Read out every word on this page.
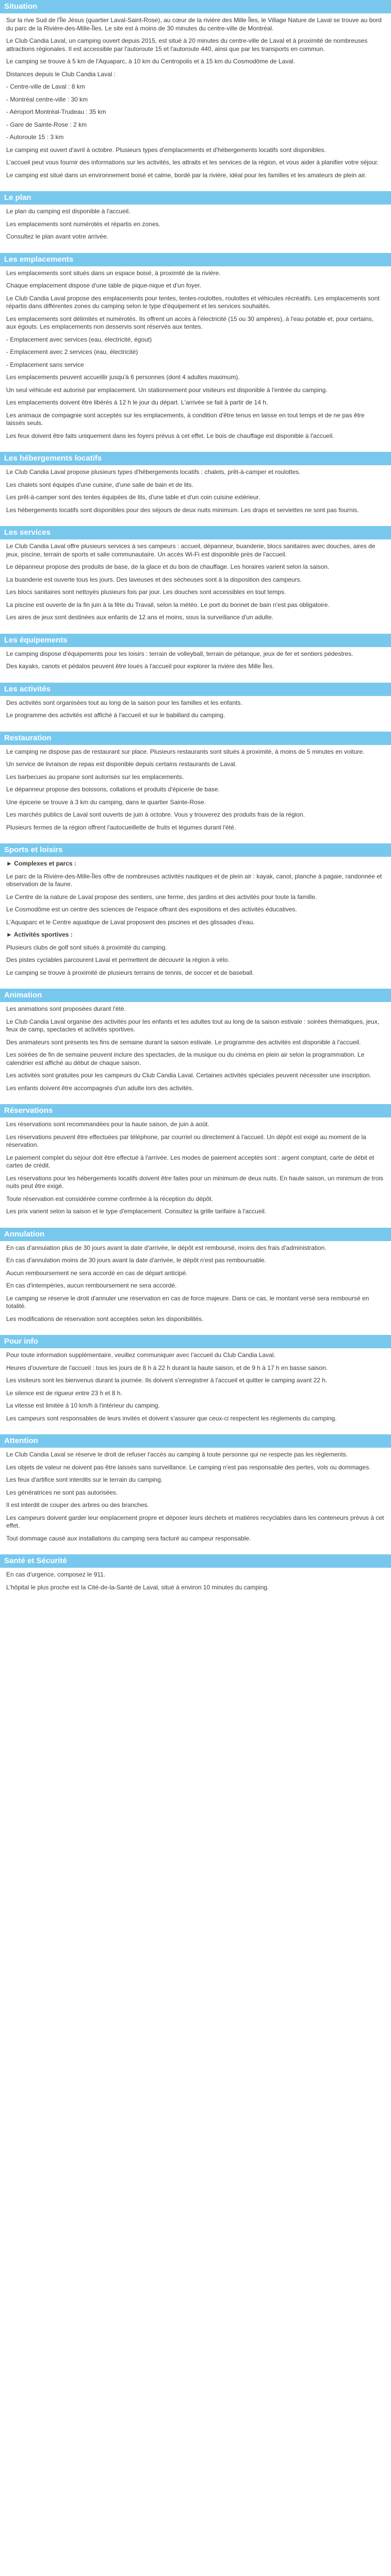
Situation

Sur la rive Sud de l'Île Jésus (quartier Laval-Saint-Rose), au cœur de la rivière des Mille Îles, le Village Nature de Laval se trouve au bord du parc de la Rivière-des-Mille-Îles. Le site est à moins de 30 minutes du centre-ville de Montréal.

Le Club Candia Laval, un camping ouvert depuis 2015, est situé à 20 minutes du centre-ville de Laval et à proximité de nombreuses attractions régionales. Il est accessible par l'autoroute 15 et l'autoroute 440, ainsi que par les transports en commun.

Le camping se trouve à 5 km de l'Aquaparc, à 10 km du Centropolis et à 15 km du Cosmodôme de Laval.

Distances depuis le Club Candia Laval :

- Centre-ville de Laval : 8 km

- Montréal centre-ville : 30 km

- Aéroport Montréal-Trudeau : 35 km

- Gare de Sainte-Rose : 2 km

- Autoroute 15 : 3 km

Le camping est ouvert d'avril à octobre. Plusieurs types d'emplacements et d'hébergements locatifs sont disponibles.

L'accueil peut vous fournir des informations sur les activités, les attraits et les services de la région, et vous aider à planifier votre séjour.

Le camping est situé dans un environnement boisé et calme, bordé par la rivière, idéal pour les familles et les amateurs de plein air.

Le plan

Le plan du camping est disponible à l'accueil.

Les emplacements sont numérotés et répartis en zones.

Consultez le plan avant votre arrivée.

Les emplacements

Les emplacements sont situés dans un espace boisé, à proximité de la rivière.

Chaque emplacement dispose d'une table de pique-nique et d'un foyer.

Le Club Candia Laval propose des emplacements pour tentes, tentes-roulottes, roulottes et véhicules récréatifs. Les emplacements sont répartis dans différentes zones du camping selon le type d'équipement et les services souhaités.

Les emplacements sont délimités et numérotés. Ils offrent un accès à l'électricité (15 ou 30 ampères), à l'eau potable et, pour certains, aux égouts. Les emplacements non desservis sont réservés aux tentes.

- Emplacement avec services (eau, électricité, égout)

- Emplacement avec 2 services (eau, électricité)

- Emplacement sans service

Les emplacements peuvent accueillir jusqu'à 6 personnes (dont 4 adultes maximum).

Un seul véhicule est autorisé par emplacement. Un stationnement pour visiteurs est disponible à l'entrée du camping.

Les emplacements doivent être libérés à 12 h le jour du départ. L'arrivée se fait à partir de 14 h.

Les animaux de compagnie sont acceptés sur les emplacements, à condition d'être tenus en laisse en tout temps et de ne pas être laissés seuls.

Les feux doivent être faits uniquement dans les foyers prévus à cet effet. Le bois de chauffage est disponible à l'accueil.

Les hébergements locatifs

Le Club Candia Laval propose plusieurs types d'hébergements locatifs : chalets, prêt-à-camper et roulottes.

Les chalets sont équipés d'une cuisine, d'une salle de bain et de lits.

Les prêt-à-camper sont des tentes équipées de lits, d'une table et d'un coin cuisine extérieur.

Les hébergements locatifs sont disponibles pour des séjours de deux nuits minimum. Les draps et serviettes ne sont pas fournis.

Les services

Le Club Candia Laval offre plusieurs services à ses campeurs : accueil, dépanneur, buanderie, blocs sanitaires avec douches, aires de jeux, piscine, terrain de sports et salle communautaire. Un accès Wi-Fi est disponible près de l'accueil.

Le dépanneur propose des produits de base, de la glace et du bois de chauffage. Les horaires varient selon la saison.

La buanderie est ouverte tous les jours. Des laveuses et des sécheuses sont à la disposition des campeurs.

Les blocs sanitaires sont nettoyés plusieurs fois par jour. Les douches sont accessibles en tout temps.

La piscine est ouverte de la fin juin à la fête du Travail, selon la météo. Le port du bonnet de bain n'est pas obligatoire.

Les aires de jeux sont destinées aux enfants de 12 ans et moins, sous la surveillance d'un adulte.

Les équipements

Le camping dispose d'équipements pour les loisirs : terrain de volleyball, terrain de pétanque, jeux de fer et sentiers pédestres.

Des kayaks, canots et pédalos peuvent être loués à l'accueil pour explorer la rivière des Mille Îles.

Les activités

Des activités sont organisées tout au long de la saison pour les familles et les enfants.

Le programme des activités est affiché à l'accueil et sur le babillard du camping.

Restauration

Le camping ne dispose pas de restaurant sur place. Plusieurs restaurants sont situés à proximité, à moins de 5 minutes en voiture.

Un service de livraison de repas est disponible depuis certains restaurants de Laval.

Les barbecues au propane sont autorisés sur les emplacements.

Le dépanneur propose des boissons, collations et produits d'épicerie de base.

Une épicerie se trouve à 3 km du camping, dans le quartier Sainte-Rose.

Les marchés publics de Laval sont ouverts de juin à octobre. Vous y trouverez des produits frais de la région.

Plusieurs fermes de la région offrent l'autocueillette de fruits et légumes durant l'été.

Sports et loisirs

► Complexes et parcs :

Le parc de la Rivière-des-Mille-Îles offre de nombreuses activités nautiques et de plein air : kayak, canot, planche à pagaie, randonnée et observation de la faune.

Le Centre de la nature de Laval propose des sentiers, une ferme, des jardins et des activités pour toute la famille.

Le Cosmodôme est un centre des sciences de l'espace offrant des expositions et des activités éducatives.

L'Aquaparc et le Centre aquatique de Laval proposent des piscines et des glissades d'eau.

► Activités sportives :

Plusieurs clubs de golf sont situés à proximité du camping.

Des pistes cyclables parcourent Laval et permettent de découvrir la région à vélo.

Le camping se trouve à proximité de plusieurs terrains de tennis, de soccer et de baseball.

Animation

Les animations sont proposées durant l'été.

Le Club Candia Laval organise des activités pour les enfants et les adultes tout au long de la saison estivale : soirées thématiques, jeux, feux de camp, spectacles et activités sportives.

Des animateurs sont présents les fins de semaine durant la saison estivale. Le programme des activités est disponible à l'accueil.

Les soirées de fin de semaine peuvent inclure des spectacles, de la musique ou du cinéma en plein air selon la programmation. Le calendrier est affiché au début de chaque saison.

Les activités sont gratuites pour les campeurs du Club Candia Laval. Certaines activités spéciales peuvent nécessiter une inscription.

Les enfants doivent être accompagnés d'un adulte lors des activités.

Réservations

Les réservations sont recommandées pour la haute saison, de juin à août.

Les réservations peuvent être effectuées par téléphone, par courriel ou directement à l'accueil. Un dépôt est exigé au moment de la réservation.

Le paiement complet du séjour doit être effectué à l'arrivée. Les modes de paiement acceptés sont : argent comptant, carte de débit et cartes de crédit.

Les réservations pour les hébergements locatifs doivent être faites pour un minimum de deux nuits. En haute saison, un minimum de trois nuits peut être exigé.

Toute réservation est considérée comme confirmée à la réception du dépôt.

Les prix varient selon la saison et le type d'emplacement. Consultez la grille tarifaire à l'accueil.

Annulation

En cas d'annulation plus de 30 jours avant la date d'arrivée, le dépôt est remboursé, moins des frais d'administration.

En cas d'annulation moins de 30 jours avant la date d'arrivée, le dépôt n'est pas remboursable.

Aucun remboursement ne sera accordé en cas de départ anticipé.

En cas d'intempéries, aucun remboursement ne sera accordé.

Le camping se réserve le droit d'annuler une réservation en cas de force majeure. Dans ce cas, le montant versé sera remboursé en totalité.

Les modifications de réservation sont acceptées selon les disponibilités.

Pour info

Pour toute information supplémentaire, veuillez communiquer avec l'accueil du Club Candia Laval.

Heures d'ouverture de l'accueil : tous les jours de 8 h à 22 h durant la haute saison, et de 9 h à 17 h en basse saison.

Les visiteurs sont les bienvenus durant la journée. Ils doivent s'enregistrer à l'accueil et quitter le camping avant 22 h.

Le silence est de rigueur entre 23 h et 8 h.

La vitesse est limitée à 10 km/h à l'intérieur du camping.

Les campeurs sont responsables de leurs invités et doivent s'assurer que ceux-ci respectent les règlements du camping.

Attention

Le Club Candia Laval se réserve le droit de refuser l'accès au camping à toute personne qui ne respecte pas les règlements.

Les objets de valeur ne doivent pas être laissés sans surveillance. Le camping n'est pas responsable des pertes, vols ou dommages.

Les feux d'artifice sont interdits sur le terrain du camping.

Les génératrices ne sont pas autorisées.

Il est interdit de couper des arbres ou des branches.

Les campeurs doivent garder leur emplacement propre et déposer leurs déchets et matières recyclables dans les conteneurs prévus à cet effet.

Tout dommage causé aux installations du camping sera facturé au campeur responsable.

Santé et Sécurité

En cas d'urgence, composez le 911.

L'hôpital le plus proche est la Cité-de-la-Santé de Laval, situé à environ 10 minutes du camping.
